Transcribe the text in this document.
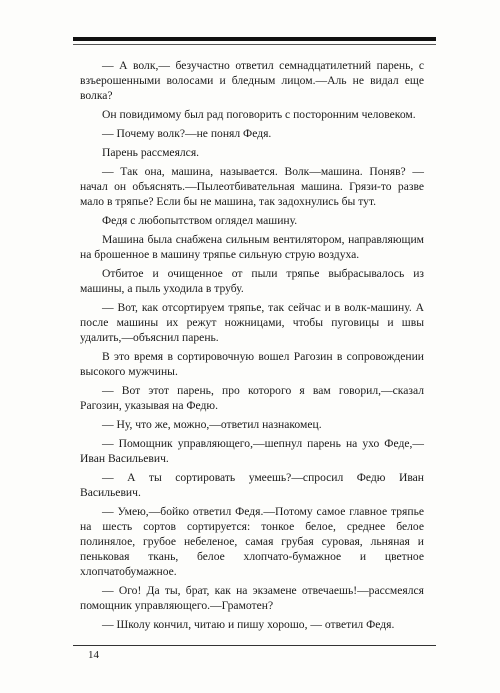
— А волк,— безучастно ответил семнадцатилетний парень, с взъерошенными волосами и бледным лицом.—Аль не видал еще волка?

Он повидимому был рад поговорить с посторонним человеком.

— Почему волк?—не понял Федя.

Парень рассмеялся.

— Так она, машина, называется. Волк—машина. Поняв? — начал он объяснять.—Пылеотбивательная машина. Грязи-то разве мало в тряпье? Если бы не машина, так задохнулись бы тут.

Федя с любопытством оглядел машину.

Машина была снабжена сильным вентилятором, направляющим на брошенное в машину тряпье сильную струю воздуха.

Отбитое и очищенное от пыли тряпье выбрасывалось из машины, а пыль уходила в трубу.

— Вот, как отсортируем тряпье, так сейчас и в волк-машину. А после машины их режут ножницами, чтобы пуговицы и швы удалить,—объяснил парень.

В это время в сортировочную вошел Рагозин в сопровождении высокого мужчины.

— Вот этот парень, про которого я вам говорил,—сказал Рагозин, указывая на Федю.

— Ну, что же, можно,—ответил назнакомец.

— Помощник управляющего,—шепнул парень на ухо Феде,—Иван Васильевич.

— А ты сортировать умеешь?—спросил Федю Иван Васильевич.

— Умею,—бойко ответил Федя.—Потому самое главное тряпье на шесть сортов сортируется: тонкое белое, среднее белое полинялое, грубое небеленое, самая грубая суровая, льняная и пеньковая ткань, белое хлопчато-бумажное и цветное хлопчатобумажное.

— Ого! Да ты, брат, как на экзамене отвечаешь!—рассмеялся помощник управляющего.—Грамотен?

— Школу кончил, читаю и пишу хорошо, — ответил Федя.

14
